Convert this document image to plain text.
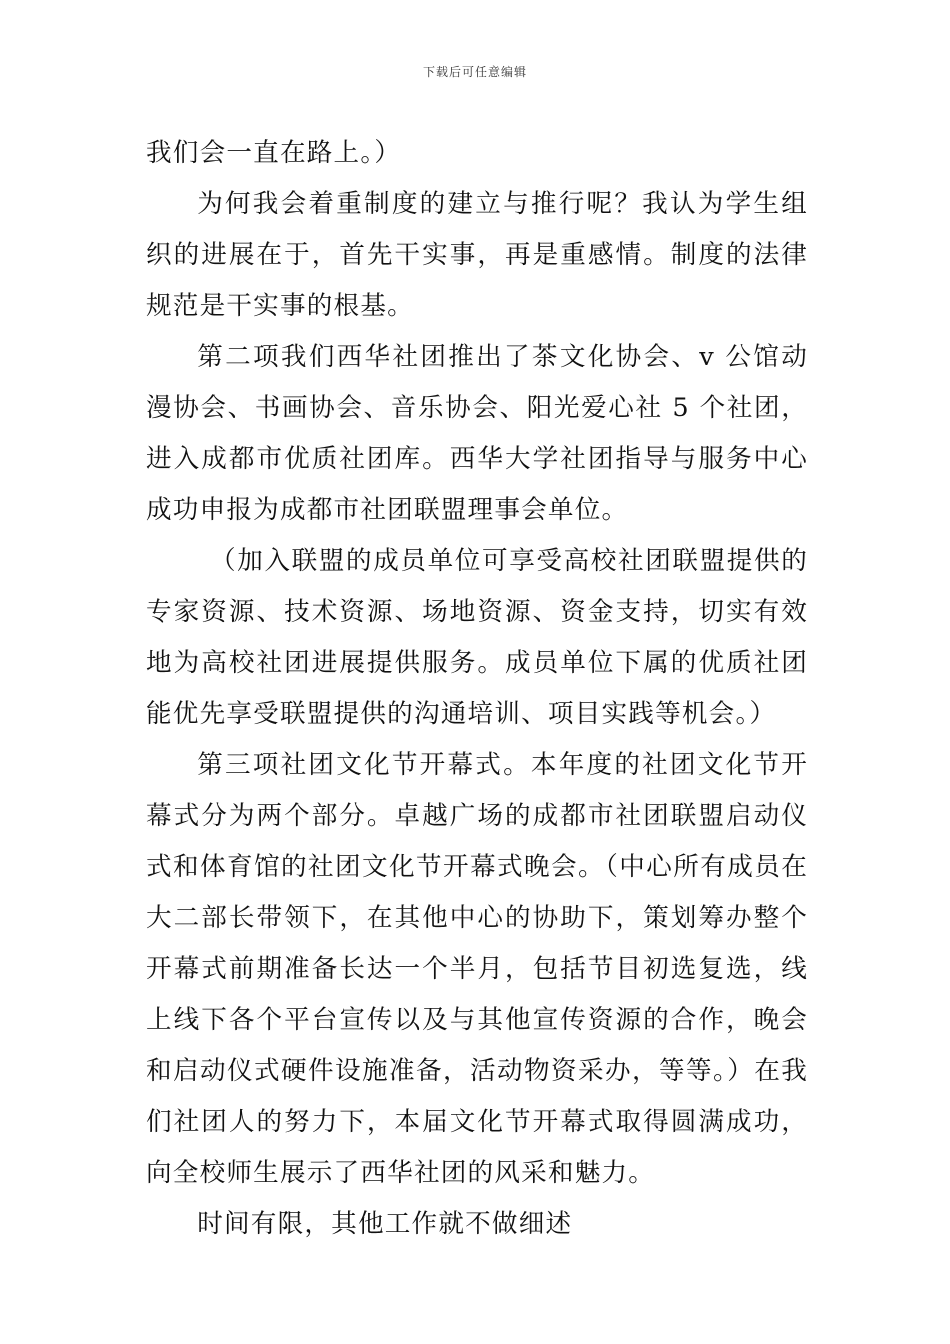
下载后可任意编辑

我们会一直在路上。）

为何我会着重制度的建立与推行呢？我认为学生组织的进展在于，首先干实事，再是重感情。制度的法律规范是干实事的根基。

第二项我们西华社团推出了茶文化协会、v 公馆动漫协会、书画协会、音乐协会、阳光爱心社 5 个社团，进入成都市优质社团库。西华大学社团指导与服务中心成功申报为成都市社团联盟理事会单位。

（加入联盟的成员单位可享受高校社团联盟提供的专家资源、技术资源、场地资源、资金支持，切实有效地为高校社团进展提供服务。成员单位下属的优质社团能优先享受联盟提供的沟通培训、项目实践等机会。）

第三项社团文化节开幕式。本年度的社团文化节开幕式分为两个部分。卓越广场的成都市社团联盟启动仪式和体育馆的社团文化节开幕式晚会。（中心所有成员在大二部长带领下，在其他中心的协助下，策划筹办整个开幕式前期准备长达一个半月，包括节目初选复选，线上线下各个平台宣传以及与其他宣传资源的合作，晚会和启动仪式硬件设施准备，活动物资采办，等等。）在我们社团人的努力下，本届文化节开幕式取得圆满成功，向全校师生展示了西华社团的风采和魅力。

时间有限，其他工作就不做细述
